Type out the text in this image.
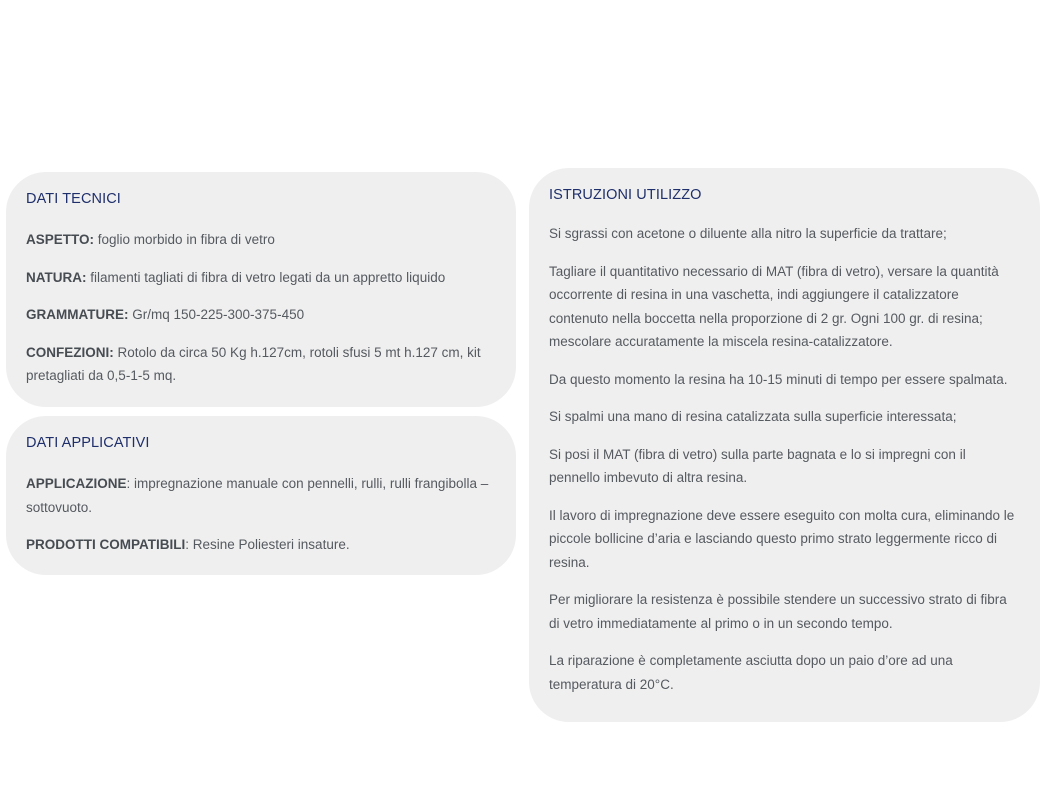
DATI TECNICI

ASPETTO: foglio morbido in fibra di vetro

NATURA: filamenti tagliati di fibra di vetro legati da un appretto liquido

GRAMMATURE: Gr/mq 150-225-300-375-450

CONFEZIONI: Rotolo da circa 50 Kg h.127cm, rotoli sfusi 5 mt h.127 cm, kit pretagliati da 0,5-1-5 mq.

DATI APPLICATIVI

APPLICAZIONE: impregnazione manuale con pennelli, rulli, rulli frangibolla – sottovuoto.

PRODOTTI COMPATIBILI: Resine Poliesteri insature.

ISTRUZIONI UTILIZZO

Si sgrassi con acetone o diluente alla nitro la superficie da trattare;

Tagliare il quantitativo necessario di MAT (fibra di vetro), versare la quantità occorrente di resina in una vaschetta, indi aggiungere il catalizzatore contenuto nella boccetta nella proporzione di 2 gr. Ogni 100 gr. di resina; mescolare accuratamente la miscela resina-catalizzatore.

Da questo momento la resina ha 10-15 minuti di tempo per essere spalmata.

Si spalmi una mano di resina catalizzata sulla superficie interessata;

Si posi il MAT (fibra di vetro) sulla parte bagnata e lo si impregni con il pennello imbevuto di altra resina.

Il lavoro di impregnazione deve essere eseguito con molta cura, eliminando le piccole bollicine d’aria e lasciando questo primo strato leggermente ricco di resina.

Per migliorare la resistenza è possibile stendere un successivo strato di fibra di vetro immediatamente al primo o in un secondo tempo.

La riparazione è completamente asciutta dopo un paio d’ore ad una temperatura di 20°C.
